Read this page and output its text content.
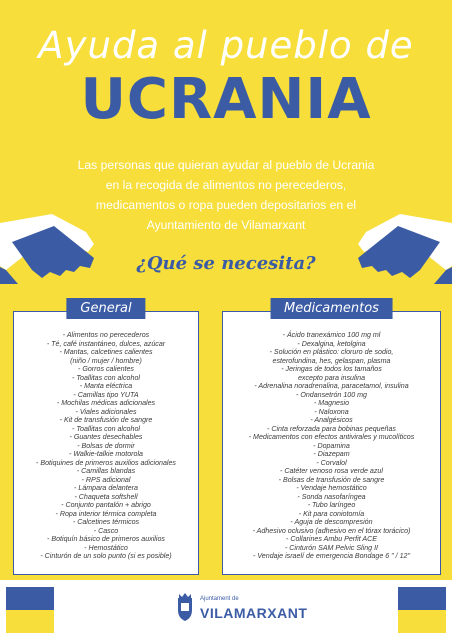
Ayuda al pueblo de
UCRANIA
Las personas que quieran ayudar al pueblo de Ucrania
en la recogida de alimentos no perecederos,
medicamentos o ropa pueden depositarios en el
Ayuntamiento de Vilamarxant
¿Qué se necesita?
General
- Alimentos no perecederos
- Té, café instantáneo, dulces, azúcar
- Mantas, calcetines calientes
(niño / mujer / hombre)
- Gorros calientes
- Toallitas con alcohol
- Manta eléctrica
- Camillas tipo YUTA
- Mochilas médicas adicionales
- Viales adicionales
- Kit de transfusión de sangre
- Toallitas con alcohol
- Guantes desechables
- Bolsas de dormir
- Walkie-talkie motorola
- Botiquines de primeros auxilios adicionales
- Camillas blandas
- RPS adicional
- Lámpara delantera
- Chaqueta softshell
- Conjunto pantalón + abrigo
- Ropa interior térmica completa
- Calcetines térmicos
- Casco
- Botiquín básico de primeros auxilios
- Hemostático
- Cinturón de un solo punto (si es posible)
Medicamentos
- Ácido tranexámico 100 mg ml
- Dexalgina, ketolgina
- Solución en plástico: cloruro de sodio,
esterofundina, hes, gelaspan, plasma
- Jeringas de todos los tamaños
excepto para insulina
- Adrenalina noradrenalina, paracetamol, insulina
- Ondansetrón 100 mg
- Magnesio
- Naloxona
- Analgésicos
- Cinta reforzada para bobinas pequeñas
- Medicamentos con efectos antivirales y mucolíticos
- Dopamina
- Diazepam
- Corvalol
- Catéter venoso rosa verde azul
- Bolsas de transfusión de sangre
- Vendaje hemostático
- Sonda nasofaríngea
- Tubo laríngeo
- Kit para coniotomía
- Aguja de descompresión
- Adhesivo oclusivo (adhesivo en el tórax torácico)
- Collarines Ambu Perfit ACE
- Cinturón SAM Pelvic Sling II
- Vendaje israelí de emergencia Bondage 6 " / 12"
Ajuntament de
VILAMARXANT
